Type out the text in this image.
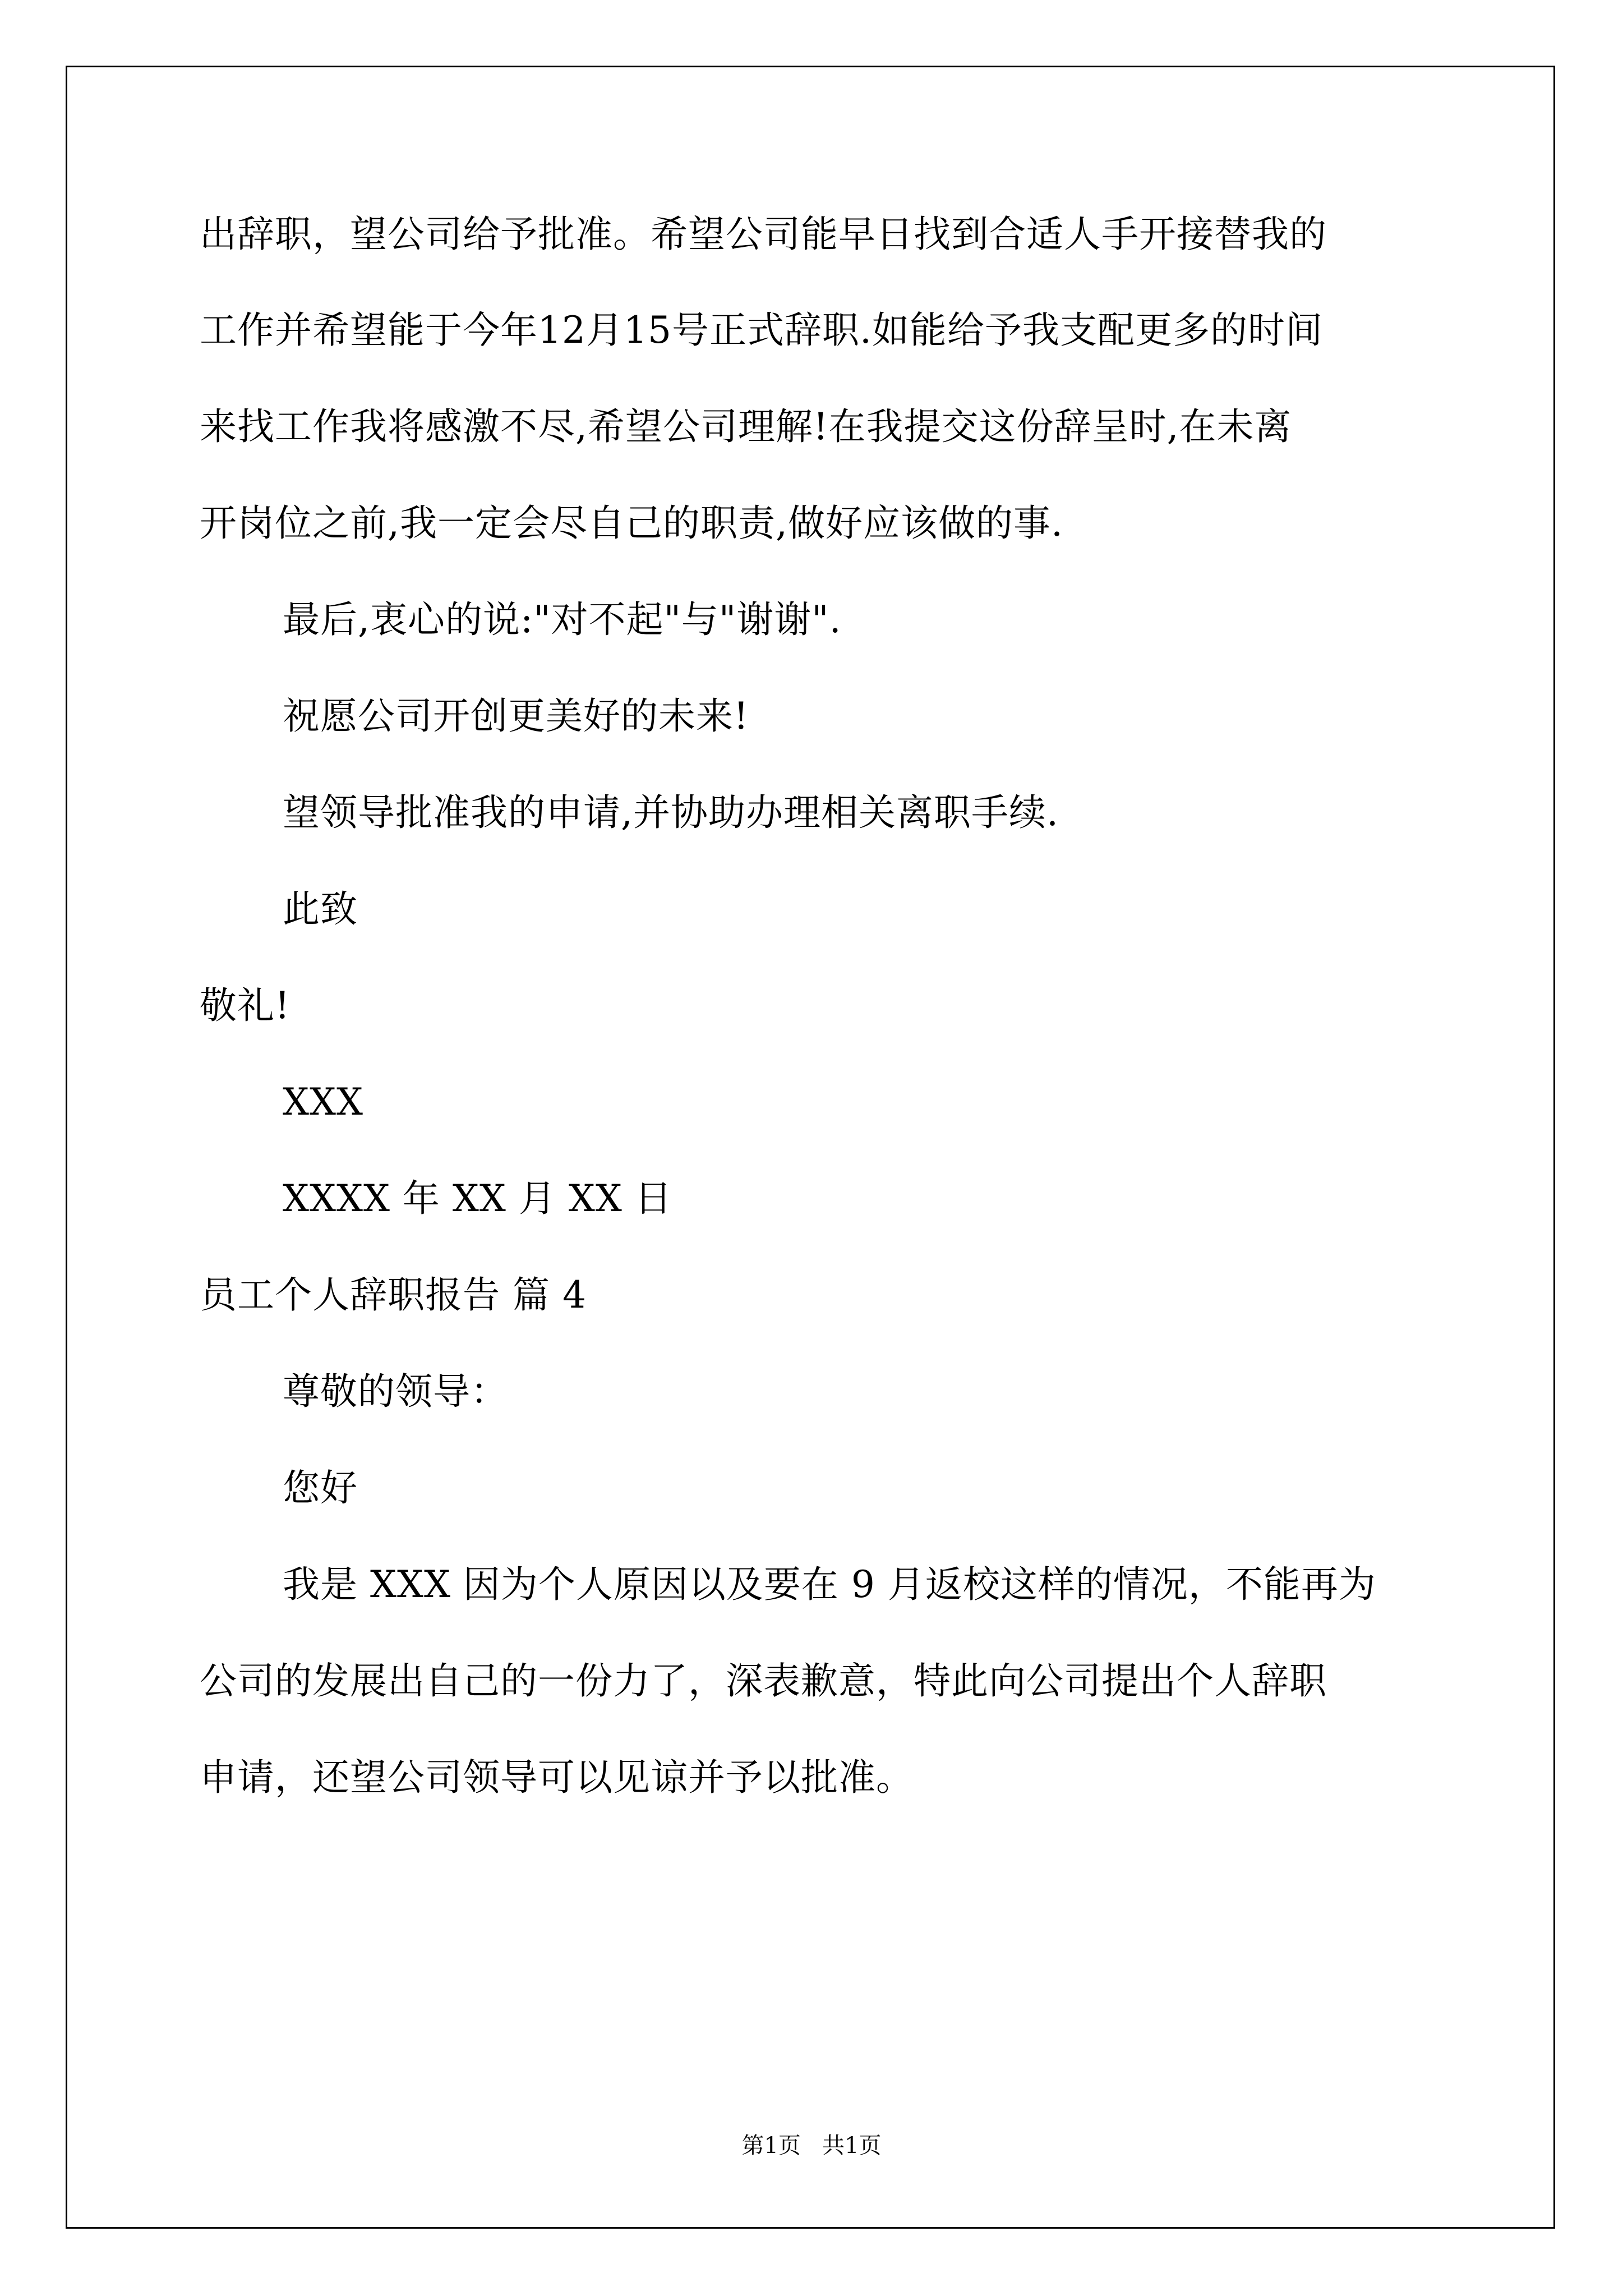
出辞职，望公司给予批准。希望公司能早日找到合适人手开接替我的
工作并希望能于今年12月15号正式辞职.如能给予我支配更多的时间
来找工作我将感激不尽,希望公司理解!在我提交这份辞呈时,在未离
开岗位之前,我一定会尽自己的职责,做好应该做的事.
最后,衷心的说:"对不起"与"谢谢".
祝愿公司开创更美好的未来!
望领导批准我的申请,并协助办理相关离职手续.
此致
敬礼!
XXX
XXXX 年 XX 月 XX 日
员工个人辞职报告 篇 4
尊敬的领导：
您好
我是 XXX 因为个人原因以及要在 9 月返校这样的情况，不能再为
公司的发展出自己的一份力了，深表歉意，特此向公司提出个人辞职
申请，还望公司领导可以见谅并予以批准。
第1页   共1页
